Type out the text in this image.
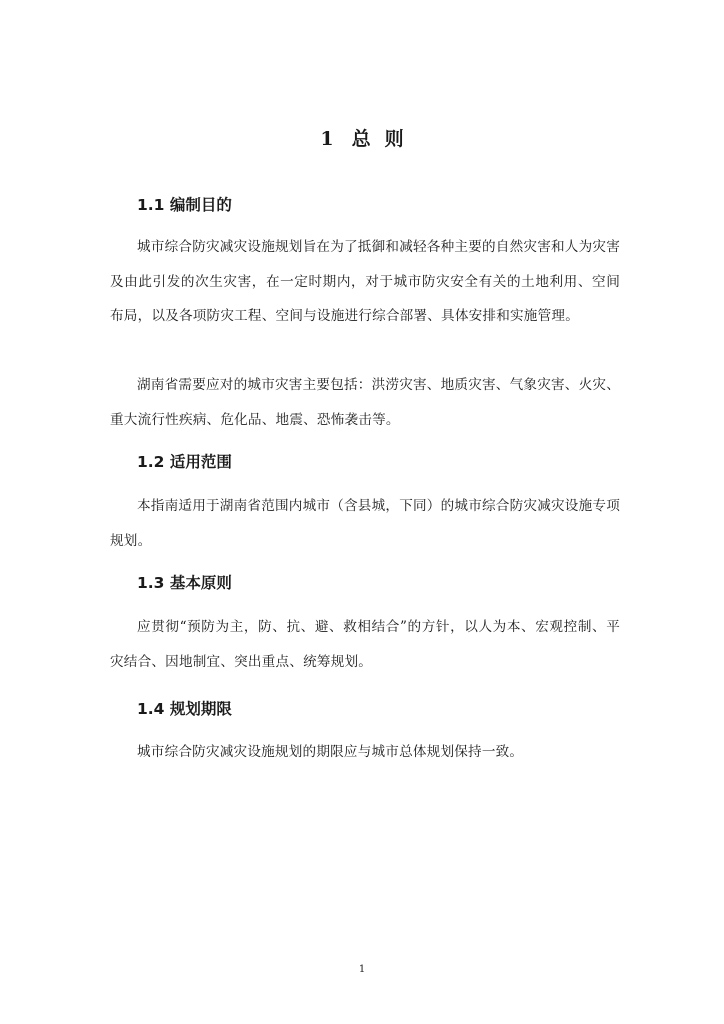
1 总 则
1.1 编制目的
城市综合防灾减灾设施规划旨在为了抵御和减轻各种主要的自然灾害和人为灾害及由此引发的次生灾害，在一定时期内，对于城市防灾安全有关的土地利用、空间布局，以及各项防灾工程、空间与设施进行综合部署、具体安排和实施管理。
湖南省需要应对的城市灾害主要包括：洪涝灾害、地质灾害、气象灾害、火灾、重大流行性疾病、危化品、地震、恐怖袭击等。
1.2 适用范围
本指南适用于湖南省范围内城市（含县城，下同）的城市综合防灾减灾设施专项规划。
1.3 基本原则
应贯彻“预防为主，防、抗、避、救相结合”的方针，以人为本、宏观控制、平灾结合、因地制宜、突出重点、统筹规划。
1.4 规划期限
城市综合防灾减灾设施规划的期限应与城市总体规划保持一致。
1
